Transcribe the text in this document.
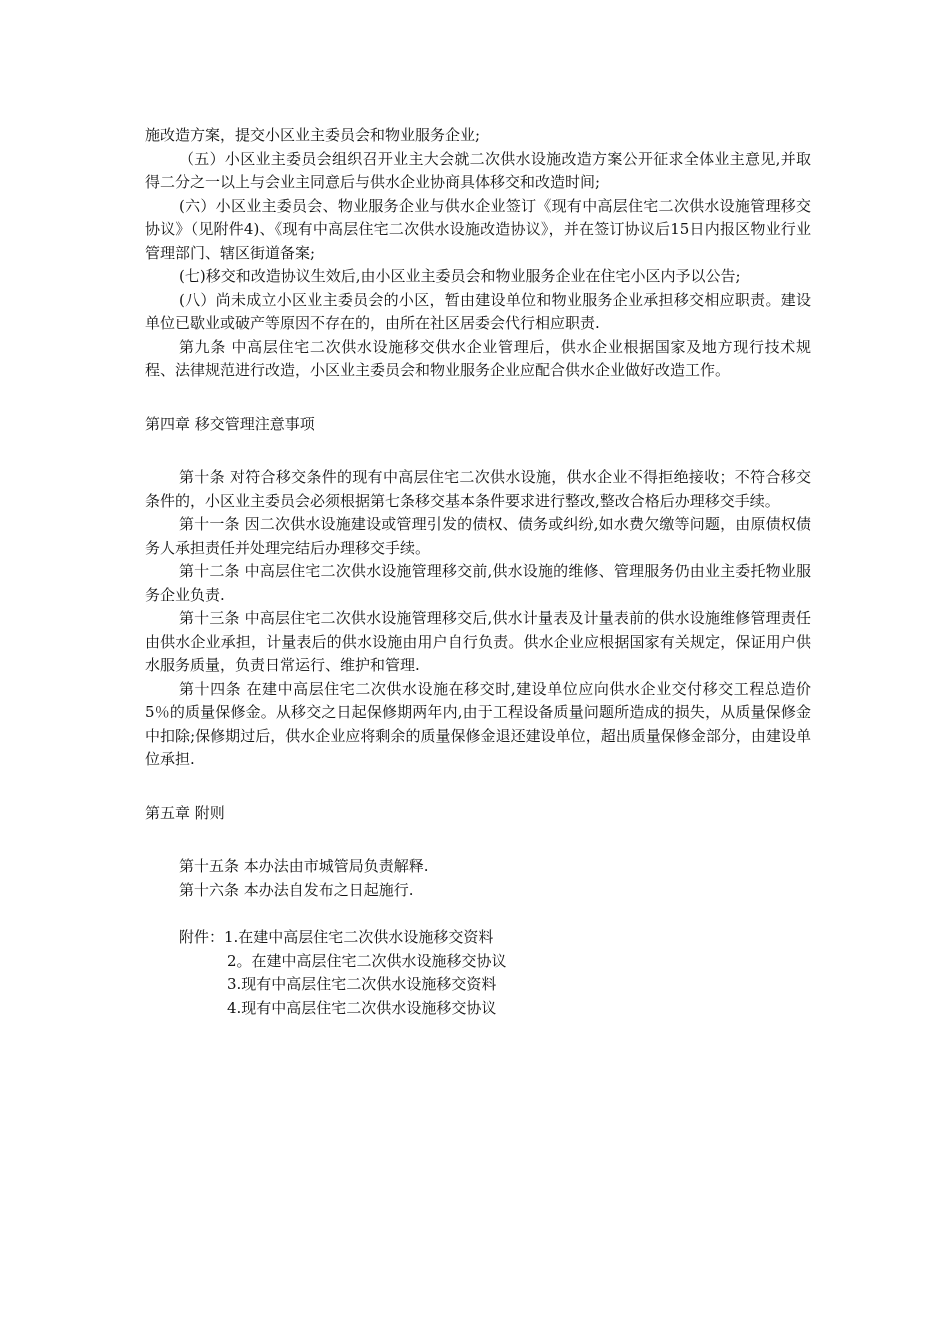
施改造方案，提交小区业主委员会和物业服务企业;

（五）小区业主委员会组织召开业主大会就二次供水设施改造方案公开征求全体业主意见,并取得二分之一以上与会业主同意后与供水企业协商具体移交和改造时间;

(六）小区业主委员会、物业服务企业与供水企业签订《现有中高层住宅二次供水设施管理移交协议》（见附件4)、《现有中高层住宅二次供水设施改造协议》，并在签订协议后15日内报区物业行业管理部门、辖区街道备案;

(七)移交和改造协议生效后,由小区业主委员会和物业服务企业在住宅小区内予以公告;

(八）尚未成立小区业主委员会的小区，暂由建设单位和物业服务企业承担移交相应职责。建设单位已歇业或破产等原因不存在的，由所在社区居委会代行相应职责.

第九条 中高层住宅二次供水设施移交供水企业管理后，供水企业根据国家及地方现行技术规程、法律规范进行改造，小区业主委员会和物业服务企业应配合供水企业做好改造工作。

第四章 移交管理注意事项

第十条 对符合移交条件的现有中高层住宅二次供水设施，供水企业不得拒绝接收；不符合移交条件的，小区业主委员会必须根据第七条移交基本条件要求进行整改,整改合格后办理移交手续。

第十一条 因二次供水设施建设或管理引发的债权、债务或纠纷,如水费欠缴等问题，由原债权债务人承担责任并处理完结后办理移交手续。

第十二条 中高层住宅二次供水设施管理移交前,供水设施的维修、管理服务仍由业主委托物业服务企业负责.

第十三条 中高层住宅二次供水设施管理移交后,供水计量表及计量表前的供水设施维修管理责任由供水企业承担，计量表后的供水设施由用户自行负责。供水企业应根据国家有关规定，保证用户供水服务质量，负责日常运行、维护和管理.

第十四条 在建中高层住宅二次供水设施在移交时,建设单位应向供水企业交付移交工程总造价5％的质量保修金。从移交之日起保修期两年内,由于工程设备质量问题所造成的损失，从质量保修金中扣除;保修期过后，供水企业应将剩余的质量保修金退还建设单位，超出质量保修金部分，由建设单位承担.

第五章 附则

第十五条 本办法由市城管局负责解释.

第十六条 本办法自发布之日起施行.

附件：1.在建中高层住宅二次供水设施移交资料
2。在建中高层住宅二次供水设施移交协议
3.现有中高层住宅二次供水设施移交资料
4.现有中高层住宅二次供水设施移交协议
